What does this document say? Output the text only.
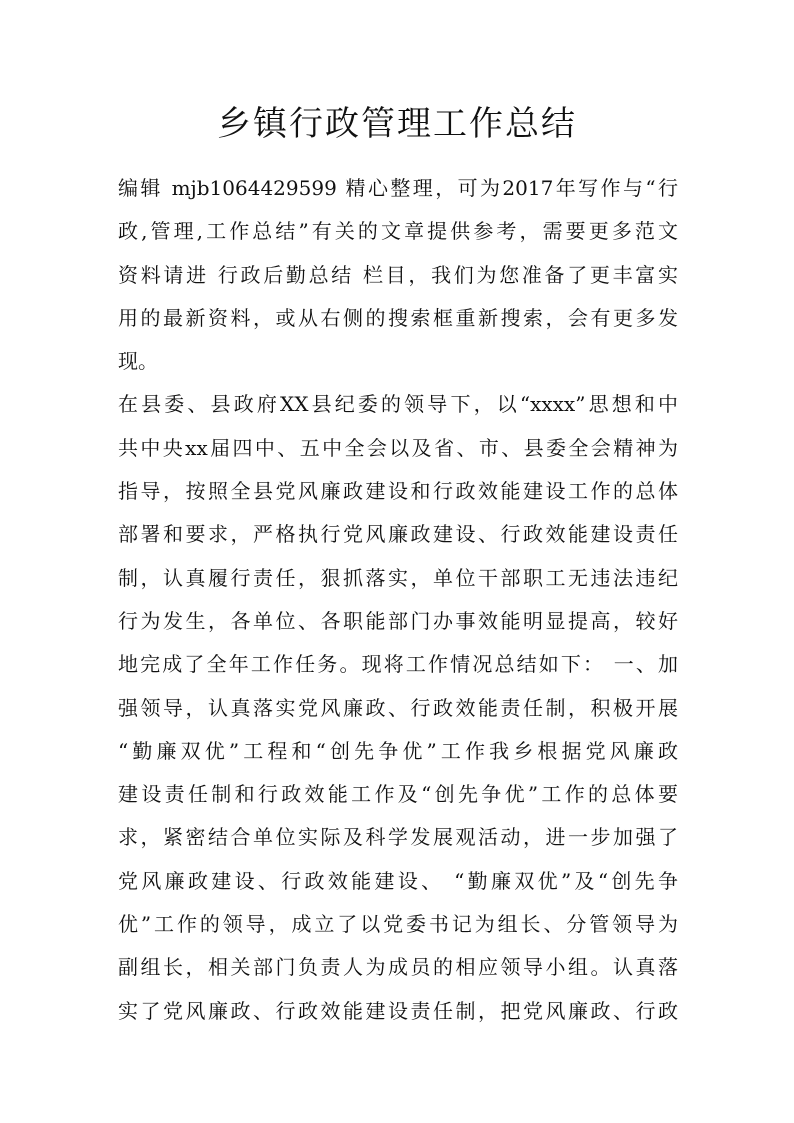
乡镇行政管理工作总结
编辑 mjb1064429599 精心整理，可为2017年写作与“行
政,管理,工作总结”有关的文章提供参考，需要更多范文
资料请进 行政后勤总结 栏目，我们为您准备了更丰富实
用的最新资料，或从右侧的搜索框重新搜索，会有更多发
现。
在县委、县政府XX县纪委的领导下，以“xxxx”思想和中
共中央xx届四中、五中全会以及省、市、县委全会精神为
指导，按照全县党风廉政建设和行政效能建设工作的总体
部署和要求，严格执行党风廉政建设、行政效能建设责任
制，认真履行责任，狠抓落实，单位干部职工无违法违纪
行为发生，各单位、各职能部门办事效能明显提高，较好
地完成了全年工作任务。现将工作情况总结如下： 一、加
强领导，认真落实党风廉政、行政效能责任制，积极开展
“勤廉双优”工程和“创先争优”工作我乡根据党风廉政
建设责任制和行政效能工作及“创先争优”工作的总体要
求，紧密结合单位实际及科学发展观活动，进一步加强了
党风廉政建设、行政效能建设、 “勤廉双优”及“创先争
优”工作的领导，成立了以党委书记为组长、分管领导为
副组长，相关部门负责人为成员的相应领导小组。认真落
实了党风廉政、行政效能建设责任制，把党风廉政、行政
